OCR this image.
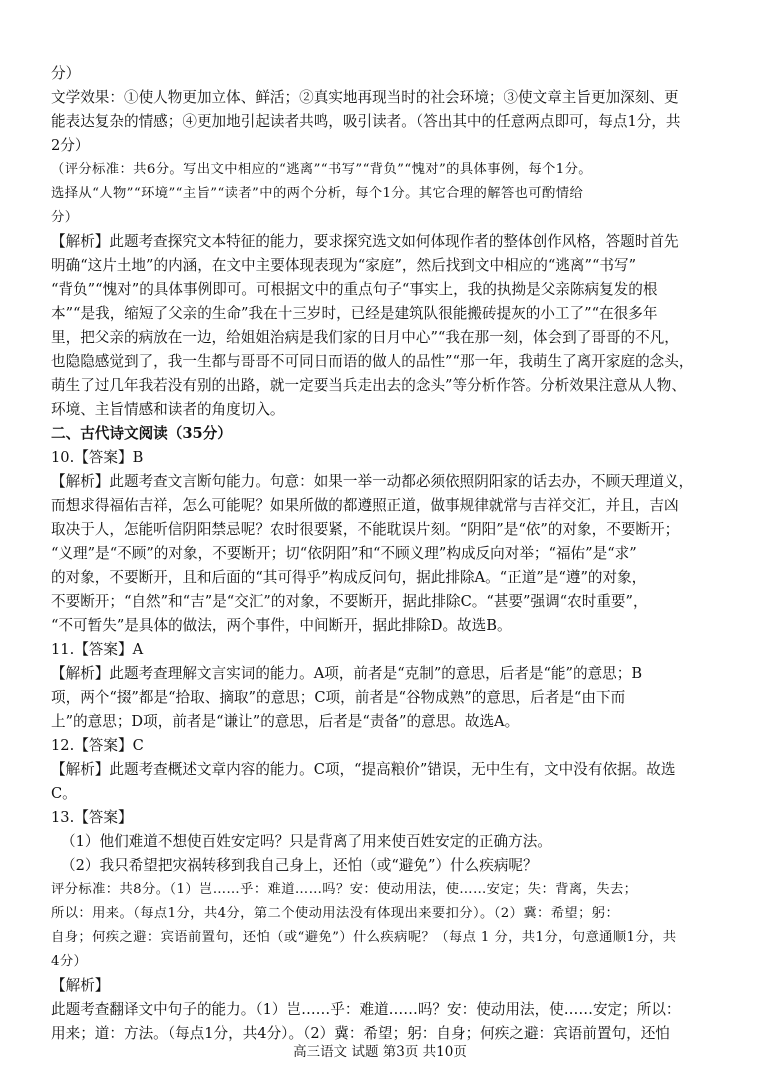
分）
文学效果：①使人物更加立体、鲜活；②真实地再现当时的社会环境；③使文章主旨更加深刻、更
能表达复杂的情感；④更加地引起读者共鸣，吸引读者。（答出其中的任意两点即可，每点1分，共
2分）
（评分标准：共6分。写出文中相应的“逃离”“书写”“背负”“愧对”的具体事例，每个1分。
选择从“人物”“环境”“主旨”“读者”中的两个分析，每个1分。其它合理的解答也可酌情给
分）
【解析】此题考查探究文本特征的能力，要求探究选文如何体现作者的整体创作风格，答题时首先
明确“这片土地”的内涵，在文中主要体现表现为“家庭”，然后找到文中相应的“逃离”“书写”
“背负”“愧对”的具体事例即可。可根据文中的重点句子“事实上，我的执拗是父亲陈病复发的根
本”“是我，缩短了父亲的生命”我在十三岁时，已经是建筑队很能搬砖提灰的小工了”“在很多年
里，把父亲的病放在一边，给姐姐治病是我们家的日月中心”“我在那一刻，体会到了哥哥的不凡，
也隐隐感觉到了，我一生都与哥哥不可同日而语的做人的品性”“那一年，我萌生了离开家庭的念头，
萌生了过几年我若没有别的出路，就一定要当兵走出去的念头”等分析作答。分析效果注意从人物、
环境、主旨情感和读者的角度切入。
二、古代诗文阅读（35分）
10.【答案】B
【解析】此题考查文言断句能力。句意：如果一举一动都必须依照阴阳家的话去办，不顾天理道义，
而想求得福佑吉祥，怎么可能呢？如果所做的都遵照正道，做事规律就常与吉祥交汇，并且，吉凶
取决于人，怎能听信阴阳禁忌呢？农时很要紧，不能耽误片刻。“阴阳”是“依”的对象，不要断开；
“义理”是“不顾”的对象，不要断开；切“依阴阳”和“不顾义理”构成反向对举；“福佑”是“求”
的对象，不要断开，且和后面的“其可得乎”构成反问句，据此排除A。“正道”是“遵”的对象，
不要断开；“自然”和“吉”是“交汇”的对象，不要断开，据此排除C。“甚要”强调“农时重要”，
“不可暂失”是具体的做法，两个事件，中间断开，据此排除D。故选B。
11.【答案】A
【解析】此题考查理解文言实词的能力。A项，前者是“克制”的意思，后者是“能”的意思；B
项，两个“掇”都是“拾取、摘取”的意思；C项，前者是“谷物成熟”的意思，后者是“由下而
上”的意思；D项，前者是“谦让”的意思，后者是“责备”的意思。故选A。
12.【答案】C
【解析】此题考查概述文章内容的能力。C项，“提高粮价”错误，无中生有，文中没有依据。故选
C。
13.【答案】
（1）他们难道不想使百姓安定吗？只是背离了用来使百姓安定的正确方法。
（2）我只希望把灾祸转移到我自己身上，还怕（或“避免”）什么疾病呢？
评分标准：共8分。（1）岂……乎：难道……吗？安：使动用法，使……安定；失：背离，失去；
所以：用来。（每点1分，共4分，第二个使动用法没有体现出来要扣分）。（2）冀：希望；躬：
自身；何疾之避：宾语前置句，还怕（或“避免”）什么疾病呢？（每点 1 分，共1分，句意通顺1分，共
4分）
【解析】
此题考查翻译文中句子的能力。（1）岂……乎：难道……吗？安：使动用法，使……安定；所以：
用来；道：方法。（每点1分，共4分）。（2）冀：希望；躬：自身；何疾之避：宾语前置句，还怕
高三语文 试题 第3页 共10页
